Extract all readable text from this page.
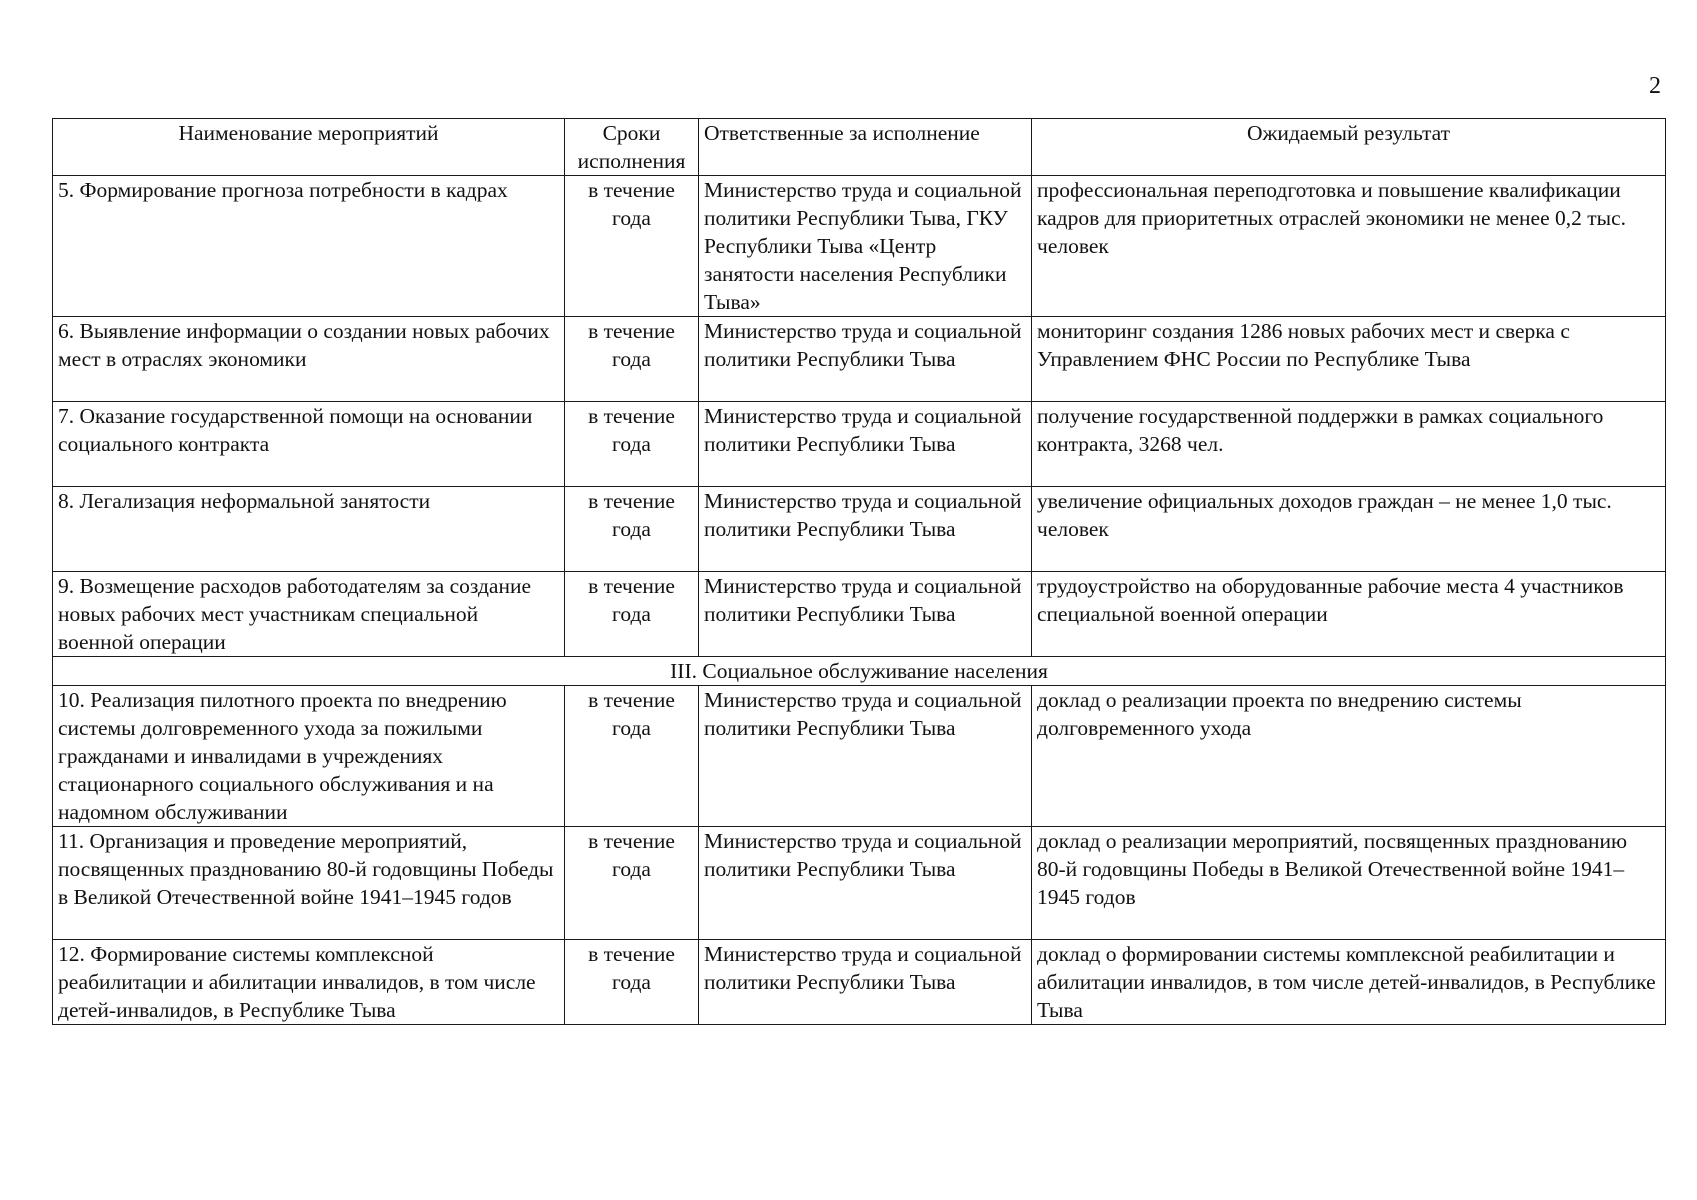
2
Наименование мероприятий	Сроки исполнения	Ответственные за исполнение	Ожидаемый результат
5. Формирование прогноза потребности в кадрах	в течение года	Министерство труда и социальной политики Республики Тыва, ГКУ Республики Тыва «Центр занятости населения Республики Тыва»	профессиональная переподготовка и повышение квалификации кадров для приоритетных отраслей экономики не менее 0,2 тыс. человек
6. Выявление информации о создании новых рабочих мест в отраслях экономики	в течение года	Министерство труда и социальной политики Республики Тыва	мониторинг создания 1286 новых рабочих мест и сверка с Управлением ФНС России по Республике Тыва
7. Оказание государственной помощи на основании социального контракта	в течение года	Министерство труда и социальной политики Республики Тыва	получение государственной поддержки в рамках социального контракта, 3268 чел.
8. Легализация неформальной занятости	в течение года	Министерство труда и социальной политики Республики Тыва	увеличение официальных доходов граждан – не менее 1,0 тыс. человек
9. Возмещение расходов работодателям за создание новых рабочих мест участникам специальной военной операции	в течение года	Министерство труда и социальной политики Республики Тыва	трудоустройство на оборудованные рабочие места 4 участников специальной военной операции
III. Социальное обслуживание населения			
10. Реализация пилотного проекта по внедрению системы долговременного ухода за пожилыми гражданами и инвалидами в учреждениях стационарного социального обслуживания и на надомном обслуживании	в течение года	Министерство труда и социальной политики Республики Тыва	доклад о реализации проекта по внедрению системы долговременного ухода
11. Организация и проведение мероприятий, посвященных празднованию 80-й годовщины Победы в Великой Отечественной войне 1941–1945 годов	в течение года	Министерство труда и социальной политики Республики Тыва	доклад о реализации мероприятий, посвященных празднованию 80-й годовщины Победы в Великой Отечественной войне 1941–1945 годов
12. Формирование системы комплексной реабилитации и абилитации инвалидов, в том числе детей-инвалидов, в Республике Тыва	в течение года	Министерство труда и социальной политики Республики Тыва	доклад о формировании системы комплексной реабилитации и абилитации инвалидов, в том числе детей-инвалидов, в Республике Тыва
